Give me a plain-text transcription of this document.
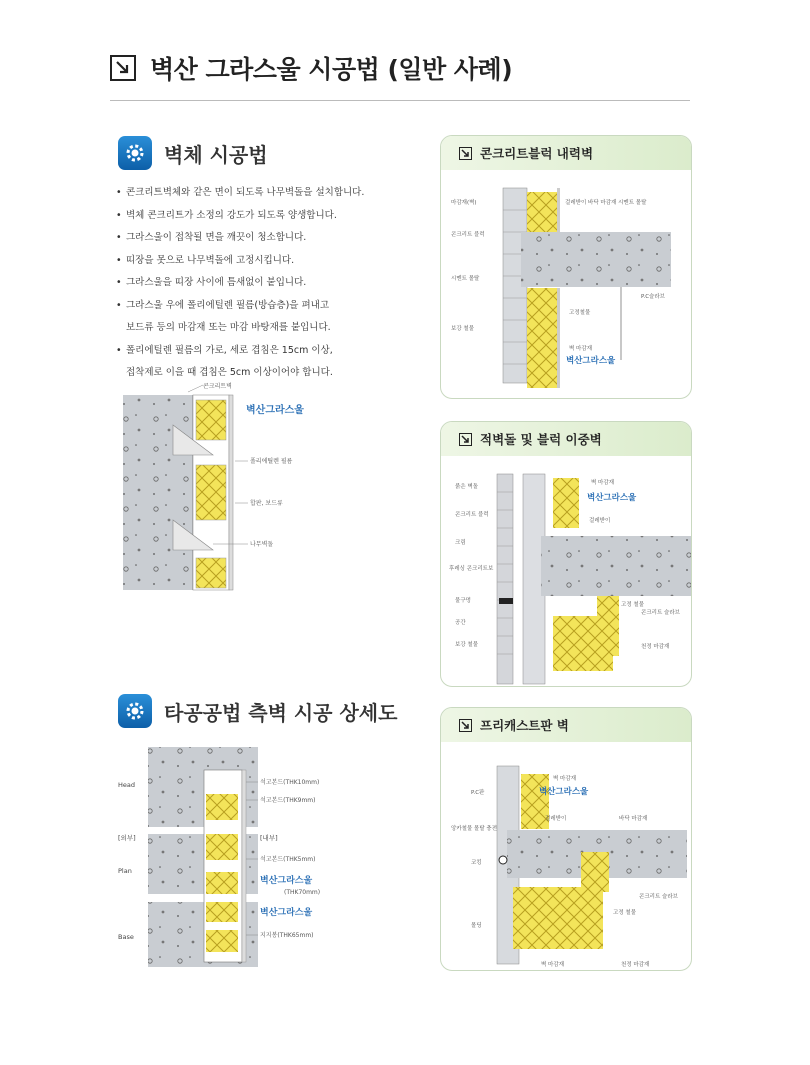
벽산 그라스울 시공법 (일반 사례)
벽체 시공법
• 콘크리트벽체와 같은 면이 되도록 나무벽돌을 설치합니다.
• 벽체 콘크리트가 소정의 강도가 되도록 양생합니다.
• 그라스울이 접착될 면을 깨끗이 청소합니다.
• 띠장을 못으로 나무벽돌에 고정시킵니다.
• 그라스울을 띠장 사이에 틈새없이 붙입니다.
• 그라스울 우에 폴리에틸렌 필름(방습층)을 펴내고
보드류 등의 마감재 또는 마감 바탕재를 붙입니다.
• 폴리에틸렌 필름의 가로, 세로 겹침은 15cm 이상,
접착제로 이을 때 겹침은 5cm 이상이어야 합니다.
콘크리트벽
벽산그라스울
폴리에틸렌 필름
합판, 보드류
나무벽돌
타공공법 측벽 시공 상세도
Head
[외부]
Plan
Base
석고본드(THK10mm)
석고본드(THK9mm)
[내부]
석고본드(THK5mm)
벽산그라스울
(THK70mm)
벽산그라스울
지지봉(THK65mm)
콘크리트블럭 내력벽
마감재(벽)
콘크리트 블럭
시멘트 몰탈
보강 철물
걸레받이 바닥 마감재 시멘트 몰탈
P.C슬라브
고정철물
벽 마감재
벽산그라스울
적벽돌 및 블럭 이중벽
붉은 벽돌
콘크리트 블럭
크림
후레싱 콘크리트보
물구멍
공간
보강 철물
벽 마감재
벽산그라스울
걸레받이
고정 철물
콘크리트 슬라브
천정 마감재
프리캐스트판 벽
P.C판
앙카철물 몰탈 충전
코킹
몰딩
벽 마감재
벽산그라스울
걸레받이	바닥 마감재
콘크리트 슬라브
고정 철물
벽 마감재	천정 마감재
